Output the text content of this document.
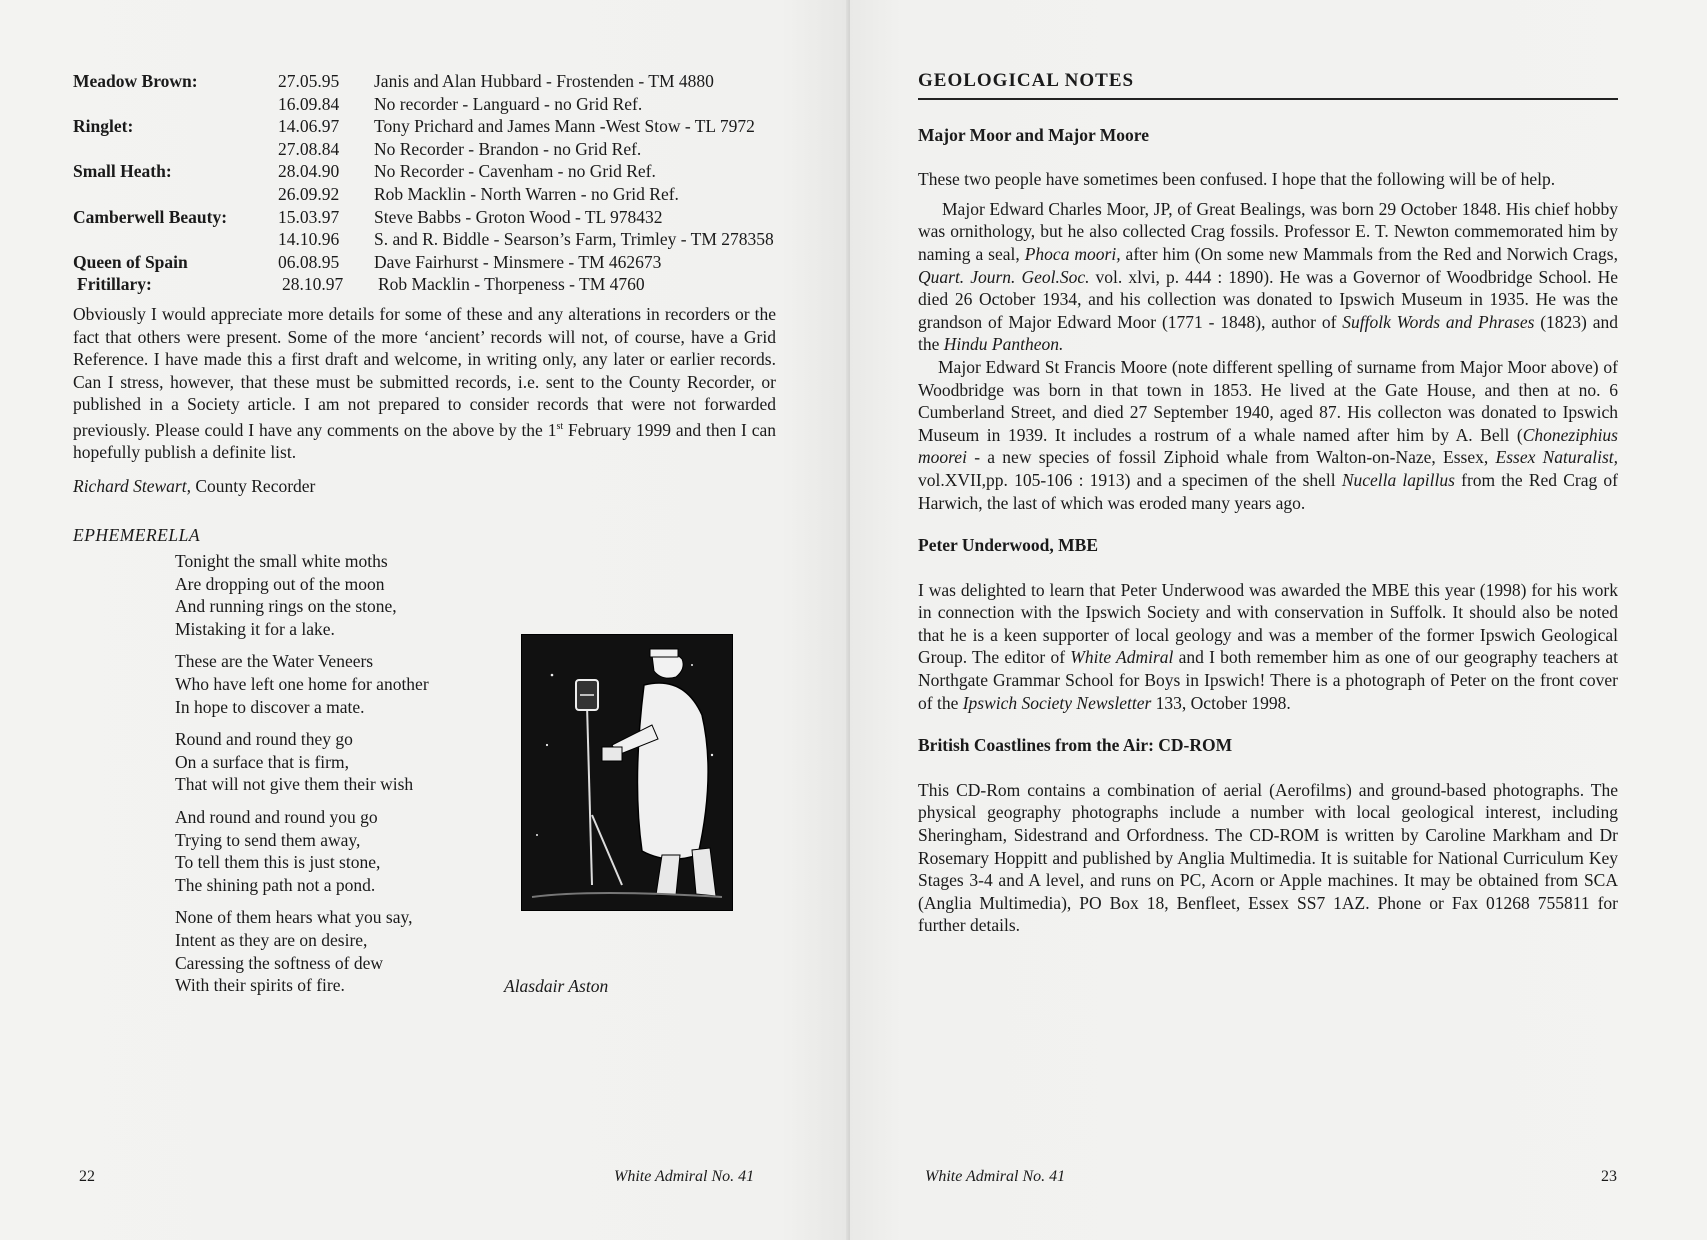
Meadow Brown:	27.05.95	Janis and Alan Hubbard - Frostenden - TM 4880
16.09.84	No recorder - Languard - no Grid Ref.
Ringlet:	14.06.97	Tony Prichard and James Mann -West Stow - TL 7972
27.08.84	No Recorder - Brandon - no Grid Ref.
Small Heath:	28.04.90	No Recorder - Cavenham - no Grid Ref.
26.09.92	Rob Macklin - North Warren - no Grid Ref.
Camberwell Beauty:	15.03.97	Steve Babbs - Groton Wood - TL 978432
14.10.96	S. and R. Biddle - Searson’s Farm, Trimley - TM 278358
Queen of Spain	06.08.95	Dave Fairhurst - Minsmere - TM 462673
Fritillary:	28.10.97	Rob Macklin - Thorpeness - TM 4760

Obviously I would appreciate more details for some of these and any alterations in recorders or the fact that others were present. Some of the more ‘ancient’ records will not, of course, have a Grid Reference. I have made this a first draft and welcome, in writing only, any later or earlier records. Can I stress, however, that these must be submitted records, i.e. sent to the County Recorder, or published in a Society article. I am not prepared to consider records that were not forwarded previously. Please could I have any comments on the above by the 1st February 1999 and then I can hopefully publish a definite list.

Richard Stewart, County Recorder
EPHEMERELLA
Tonight the small white moths
Are dropping out of the moon
And running rings on the stone,
Mistaking it for a lake.
These are the Water Veneers
Who have left one home for another
In hope to discover a mate.
Round and round they go
On a surface that is firm,
That will not give them their wish
And round and round you go
Trying to send them away,
To tell them this is just stone,
The shining path not a pond.
None of them hears what you say,
Intent as they are on desire,
Caressing the softness of dew
With their spirits of fire.	Alasdair Aston
22	White Admiral No. 41
GEOLOGICAL NOTES
Major Moor and Major Moore

These two people have sometimes been confused. I hope that the following will be of help.

Major Edward Charles Moor, JP, of Great Bealings, was born 29 October 1848. His chief hobby was ornithology, but he also collected Crag fossils. Professor E. T. Newton commemorated him by naming a seal, Phoca moori, after him (On some new Mammals from the Red and Norwich Crags, Quart. Journ. Geol.Soc. vol. xlvi, p. 444 : 1890). He was a Governor of Woodbridge School. He died 26 October 1934, and his collection was donated to Ipswich Museum in 1935. He was the grandson of Major Edward Moor (1771 - 1848), author of Suffolk Words and Phrases (1823) and the Hindu Pantheon.

Major Edward St Francis Moore (note different spelling of surname from Major Moor above) of Woodbridge was born in that town in 1853. He lived at the Gate House, and then at no. 6 Cumberland Street, and died 27 September 1940, aged 87. His collecton was donated to Ipswich Museum in 1939. It includes a rostrum of a whale named after him by A. Bell (Choneziphius moorei - a new species of fossil Ziphoid whale from Walton-on-Naze, Essex, Essex Naturalist, vol.XVII,pp. 105-106 : 1913) and a specimen of the shell Nucella lapillus from the Red Crag of Harwich, the last of which was eroded many years ago.

Peter Underwood, MBE

I was delighted to learn that Peter Underwood was awarded the MBE this year (1998) for his work in connection with the Ipswich Society and with conservation in Suffolk. It should also be noted that he is a keen supporter of local geology and was a member of the former Ipswich Geological Group. The editor of White Admiral and I both remember him as one of our geography teachers at Northgate Grammar School for Boys in Ipswich! There is a photograph of Peter on the front cover of the Ipswich Society Newsletter 133, October 1998.

British Coastlines from the Air: CD-ROM

This CD-Rom contains a combination of aerial (Aerofilms) and ground-based photographs. The physical geography photographs include a number with local geological interest, including Sheringham, Sidestrand and Orfordness. The CD-ROM is written by Caroline Markham and Dr Rosemary Hoppitt and published by Anglia Multimedia. It is suitable for National Curriculum Key Stages 3-4 and A level, and runs on PC, Acorn or Apple machines. It may be obtained from SCA (Anglia Multimedia), PO Box 18, Benfleet, Essex SS7 1AZ. Phone or Fax 01268 755811 for further details.

White Admiral No. 41	23
